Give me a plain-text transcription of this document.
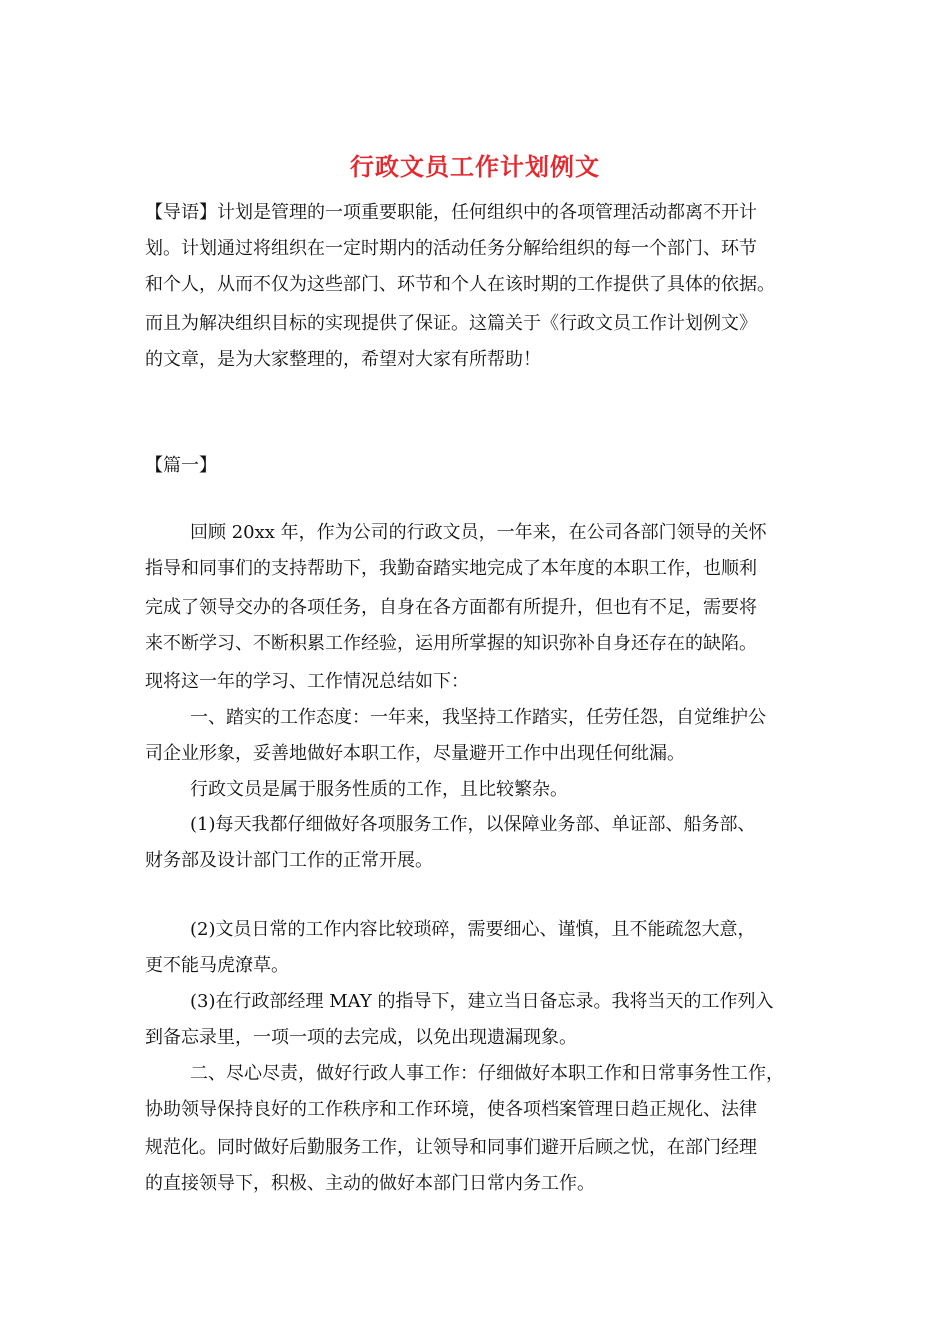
行政文员工作计划例文
【导语】计划是管理的一项重要职能，任何组织中的各项管理活动都离不开计
划。计划通过将组织在一定时期内的活动任务分解给组织的每一个部门、环节
和个人，从而不仅为这些部门、环节和个人在该时期的工作提供了具体的依据。
而且为解决组织目标的实现提供了保证。这篇关于《行政文员工作计划例文》
的文章，是为大家整理的，希望对大家有所帮助！
【篇一】
回顾 20xx 年，作为公司的行政文员，一年来，在公司各部门领导的关怀
指导和同事们的支持帮助下，我勤奋踏实地完成了本年度的本职工作，也顺利
完成了领导交办的各项任务，自身在各方面都有所提升，但也有不足，需要将
来不断学习、不断积累工作经验，运用所掌握的知识弥补自身还存在的缺陷。
现将这一年的学习、工作情况总结如下：
一、踏实的工作态度：一年来，我坚持工作踏实，任劳任怨，自觉维护公
司企业形象，妥善地做好本职工作，尽量避开工作中出现任何纰漏。
行政文员是属于服务性质的工作，且比较繁杂。
(1)每天我都仔细做好各项服务工作，以保障业务部、单证部、船务部、
财务部及设计部门工作的正常开展。
(2)文员日常的工作内容比较琐碎，需要细心、谨慎，且不能疏忽大意，
更不能马虎潦草。
(3)在行政部经理 MAY 的指导下，建立当日备忘录。我将当天的工作列入
到备忘录里，一项一项的去完成，以免出现遗漏现象。
二、尽心尽责，做好行政人事工作：仔细做好本职工作和日常事务性工作，
协助领导保持良好的工作秩序和工作环境，使各项档案管理日趋正规化、法律
规范化。同时做好后勤服务工作，让领导和同事们避开后顾之忧，在部门经理
的直接领导下，积极、主动的做好本部门日常内务工作。
